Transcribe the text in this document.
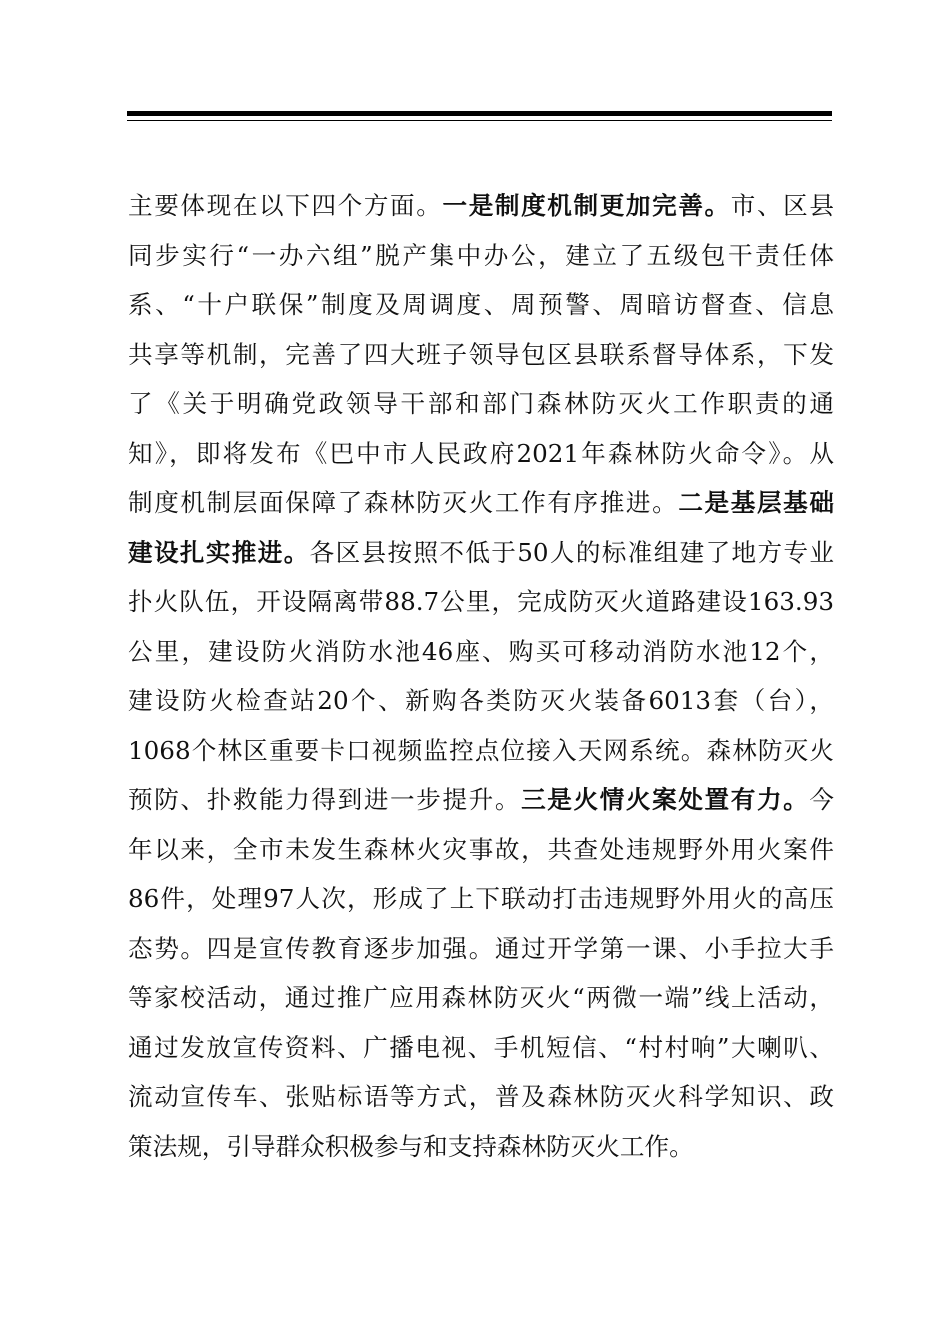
主要体现在以下四个方面。一是制度机制更加完善。市、区县
同步实行“一办六组”脱产集中办公，建立了五级包干责任体
系、“十户联保”制度及周调度、周预警、周暗访督查、信息
共享等机制，完善了四大班子领导包区县联系督导体系，下发
了《关于明确党政领导干部和部门森林防灭火工作职责的通
知》，即将发布《巴中市人民政府2021年森林防火命令》。从
制度机制层面保障了森林防灭火工作有序推进。二是基层基础
建设扎实推进。各区县按照不低于50人的标准组建了地方专业
扑火队伍，开设隔离带88.7公里，完成防灭火道路建设163.93
公里，建设防火消防水池46座、购买可移动消防水池12个，
建设防火检查站20个、新购各类防灭火装备6013套（台），
1068个林区重要卡口视频监控点位接入天网系统。森林防灭火
预防、扑救能力得到进一步提升。三是火情火案处置有力。今
年以来，全市未发生森林火灾事故，共查处违规野外用火案件
86件，处理97人次，形成了上下联动打击违规野外用火的高压
态势。四是宣传教育逐步加强。通过开学第一课、小手拉大手
等家校活动，通过推广应用森林防灭火“两微一端”线上活动，
通过发放宣传资料、广播电视、手机短信、“村村响”大喇叭、
流动宣传车、张贴标语等方式，普及森林防灭火科学知识、政
策法规，引导群众积极参与和支持森林防灭火工作。
